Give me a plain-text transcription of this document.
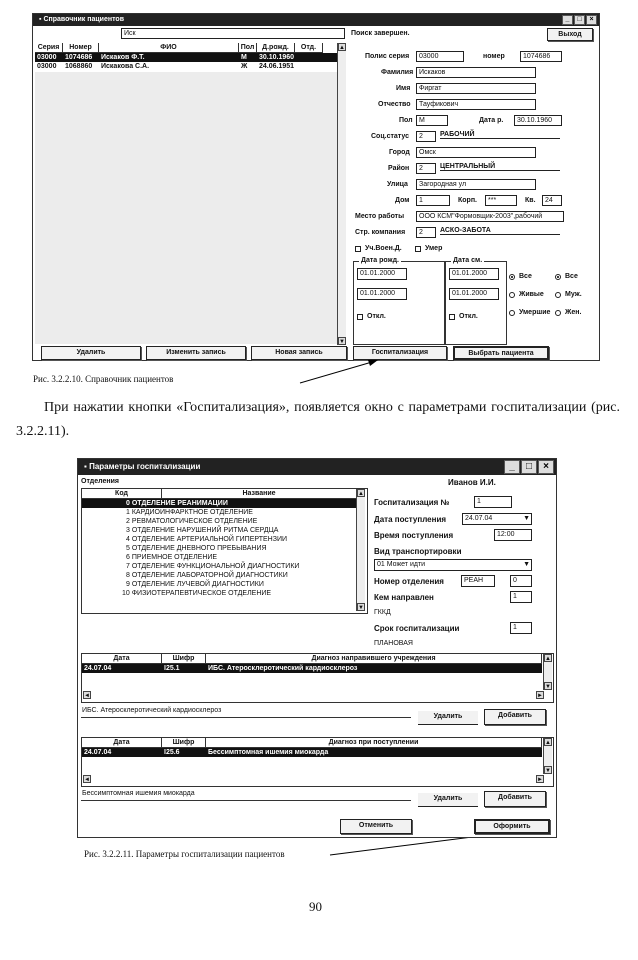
▪ Справочник пациентов	_	□	×
Иск
Серия	Номер	ФИО	Пол	Д.рожд.	Отд.
03000	1074686	Искаков Ф.Т.	М	30.10.1960
03000	1068860	Искакова С.А.	Ж	24.06.1951
▲
▼
Поиск завершен.	Выход
Полис серия	03000	номер	1074686
Фамилия Искаков
Имя	Фиргат
Отчество	Тауфикович
Пол М	Дата р.	30.10.1960
Соц.статус	2	РАБОЧИЙ
Город	Омск
Район	2	ЦЕНТРАЛЬНЫЙ
Улица	Загородная ул
Дом	1	Корп.	***	Кв.	24
Место работы	ООО КСМ"Формовщик-2003",рабочий
Стр. компания	2	АСКО-ЗАБОТА
Уч.Воен.Д.	Умер
Дата рожд.	Дата см.
01.01.2000	01.01.2000
01.01.2000	01.01.2000
Откл.	Откл.
Все
Живые
Умершие
Все
Муж.
Жен.
Удалить	Изменить запись	Новая запись	Госпитализация	Выбрать пациента
Рис. 3.2.2.10. Справочник пациентов
При нажатии кнопки «Госпитализация», появляется окно с параметрами госпитализации (рис. 3.2.2.11).
▪ Параметры госпитализации	_	□	×
Отделения	Иванов И.И.
Код	Название
0 ОТДЕЛЕНИЕ РЕАНИМАЦИИ
1 КАРДИОИНФАРКТНОЕ ОТДЕЛЕНИЕ
2 РЕВМАТОЛОГИЧЕСКОЕ ОТДЕЛЕНИЕ
3 ОТДЕЛЕНИЕ НАРУШЕНИЙ РИТМА СЕРДЦА
4 ОТДЕЛЕНИЕ АРТЕРИАЛЬНОЙ ГИПЕРТЕНЗИИ
5 ОТДЕЛЕНИЕ ДНЕВНОГО ПРЕБЫВАНИЯ
6 ПРИЕМНОЕ ОТДЕЛЕНИЕ
7 ОТДЕЛЕНИЕ ФУНКЦИОНАЛЬНОЙ ДИАГНОСТИКИ
8 ОТДЕЛЕНИЕ ЛАБОРАТОРНОЙ ДИАГНОСТИКИ
9 ОТДЕЛЕНИЕ ЛУЧЕВОЙ ДИАГНОСТИКИ
10 ФИЗИОТЕРАПЕВТИЧЕСКОЕ ОТДЕЛЕНИЕ
▲
▼
Госпитализация №	1
Дата поступления	24.07.04	▼
Время поступления	12:00
Вид транспортировки
01 Может идти	▼
Номер отделения	РЕАН	0
Кем направлен	1
ГККД
Срок госпитализации	1
ПЛАНОВАЯ
Дата	Шифр	Диагноз направившего учреждения
24.07.04	I25.1	ИБС. Атеросклеротический кардиосклероз
◄	►
▲
▼
ИБС. Атеросклеротический кардиосклероз
Удалить	Добавить
Дата	Шифр	Диагноз при поступлении
24.07.04	I25.6	Бессимптомная ишемия миокарда
◄	►
▲
▼
Бессимптомная ишемия миокарда
Удалить	Добавить
Отменить	Оформить
Рис. 3.2.2.11. Параметры госпитализации пациентов
90
